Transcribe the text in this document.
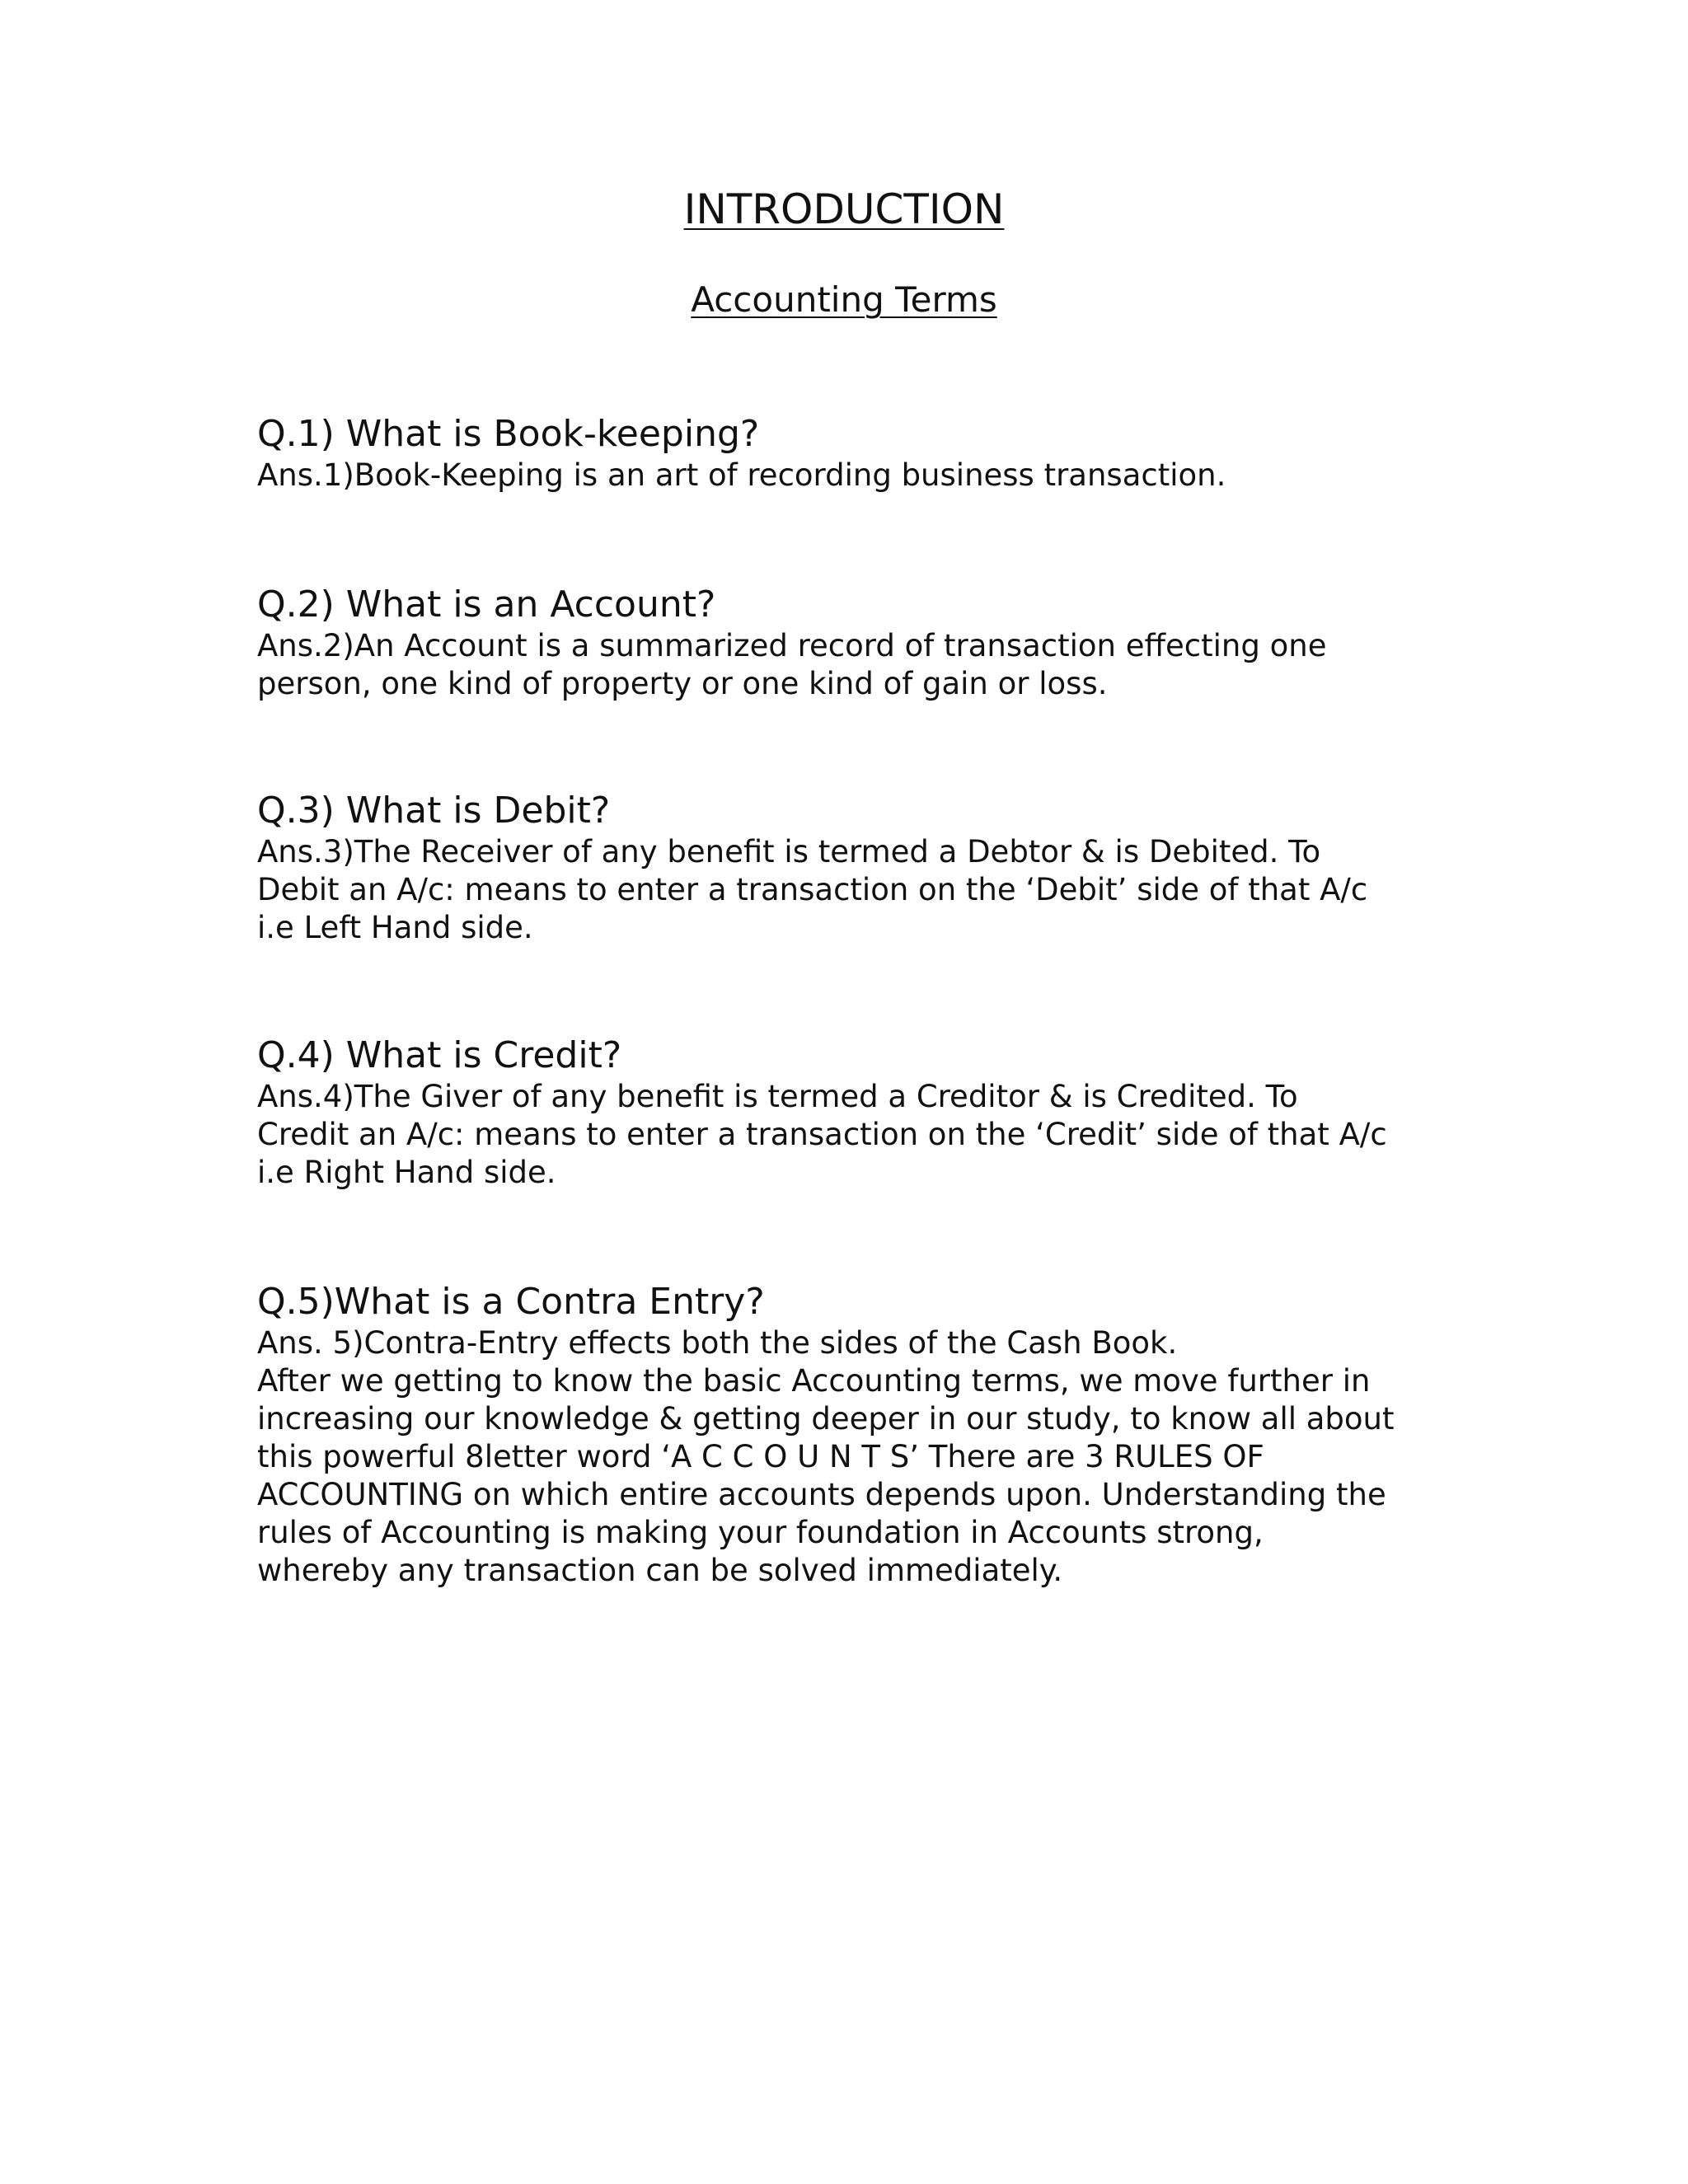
INTRODUCTION
Accounting Terms

Q.1) What is Book-keeping?

Ans.1)Book-Keeping is an art of recording business transaction.

Q.2) What is an Account?

Ans.2)An Account is a summarized record of transaction effecting one
person, one kind of property or one kind of gain or loss.

Q.3) What is Debit?

Ans.3)The Receiver of any benefit is termed a Debtor & is Debited. To
Debit an A/c: means to enter a transaction on the ‘Debit’ side of that A/c
i.e Left Hand side.

Q.4) What is Credit?

Ans.4)The Giver of any benefit is termed a Creditor & is Credited. To
Credit an A/c: means to enter a transaction on the ‘Credit’ side of that A/c
i.e Right Hand side.

Q.5)What is a Contra Entry?

Ans. 5)Contra-Entry effects both the sides of the Cash Book.
After we getting to know the basic Accounting terms, we move further in
increasing our knowledge & getting deeper in our study, to know all about
this powerful 8letter word ‘A C C O U N T S’ There are 3 RULES OF
ACCOUNTING on which entire accounts depends upon. Understanding the
rules of Accounting is making your foundation in Accounts strong,
whereby any transaction can be solved immediately.
